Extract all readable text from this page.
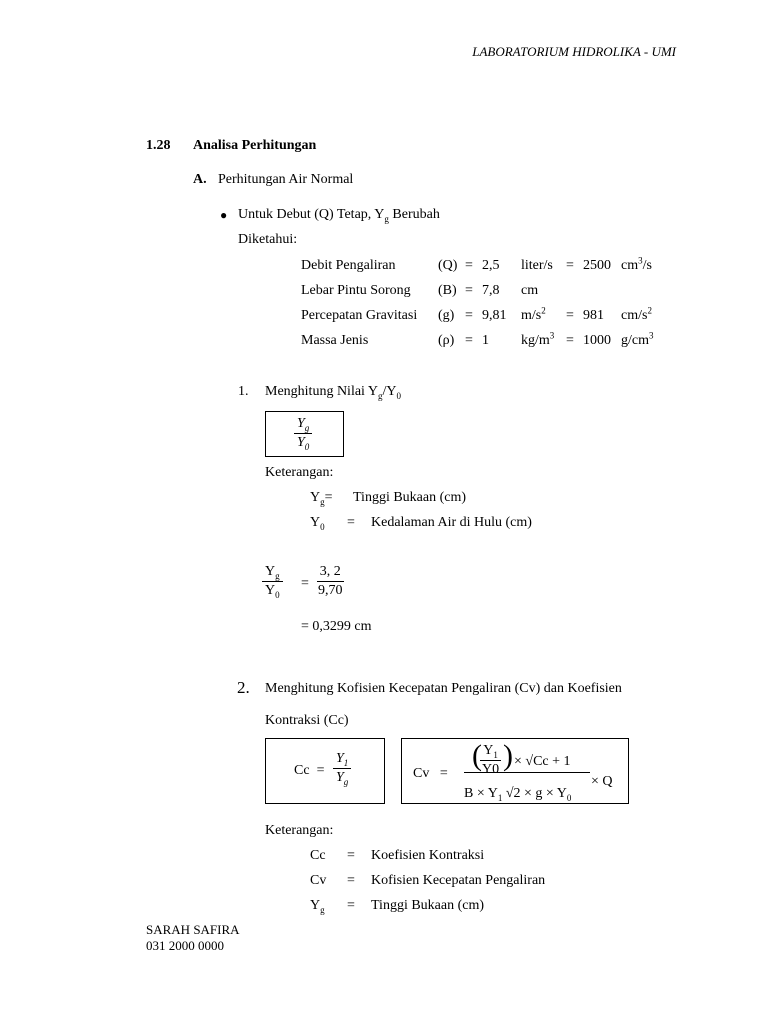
LABORATORIUM HIDROLIKA - UMI
1.28 Analisa Perhitungan
A. Perhitungan Air Normal
● Untuk Debut (Q) Tetap, $Y_g$ Berubah
Diketahui:
Debit Pengaliran	(Q) = 2,5 liter/s = 2500 $cm^3/s$
Lebar Pintu Sorong (B) = 7,8 cm
Percepatan Gravitasi (g) = 9,81 $m/s^2 = 981$ $cm/s^2$
Massa Jenis	(ρ) = 1 $kg/m^3 = 1000$ $g/cm^3$
1. Menghitung Nilai $Y_g/Y_0$
$\frac{Y_g}{Y_0}$
Keterangan:
$Y_g=$ Tinggi Bukaan (cm)
$Y_0$ = Kedalaman Air di Hulu (cm)
$\frac{Y_g}{Y_0} = \frac{3, 2}{9,70}$
= 0,3299 cm
2. Menghitung Kofisien Kecepatan Pengaliran (Cv) dan Koefisien
Kontraksi (Cc)
$Cc = \frac{Y_1}{Y_g}$	Cv =
(
$\frac{Y_1}{Y0}$ ) × √Cc + 1
$B \times Y_1$ $√2 \times g \times Y_0$
× Q
Keterangan:
Cc = Koefisien Kontraksi
Cv = Kofisien Kecepatan Pengaliran
$Y_g$ = Tinggi Bukaan (cm)
SARAH SAFIRA
031 2000 0000
